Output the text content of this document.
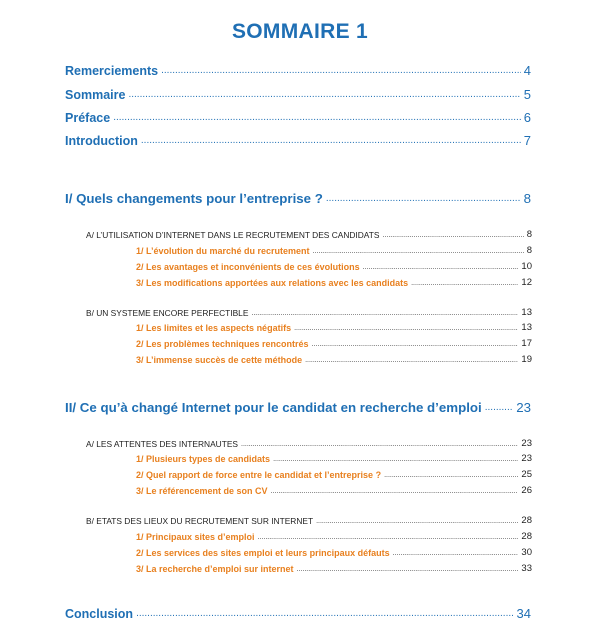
SOMMAIRE 1
Remerciements .....	4
Sommaire .....	5
Préface .....	6
Introduction .....	7
I/ Quels changements pour l’entreprise ? .....	8
A/ L’UTILISATION D’INTERNET DANS LE RECRUTEMENT DES CANDIDATS .....	8
1/ L’évolution du marché du recrutement .....	8
2/ Les avantages et inconvénients de ces évolutions .....	10
3/ Les modifications apportées aux relations avec les candidats .....	12
B/ UN SYSTEME ENCORE PERFECTIBLE .....	13
1/ Les limites et les aspects négatifs .....	13
2/ Les problèmes techniques rencontrés .....	17
3/ L’immense succès de cette méthode .....	19
II/ Ce qu’à changé Internet pour le candidat en recherche d’emploi .....	23
A/ LES ATTENTES DES INTERNAUTES .....	23
1/ Plusieurs types de candidats .....	23
2/ Quel rapport de force entre le candidat et l’entreprise ? .....	25
3/ Le référencement de son CV .....	26
B/ ETATS DES LIEUX DU RECRUTEMENT SUR INTERNET .....	28
1/ Principaux sites d’emploi .....	28
2/ Les services des sites emploi et leurs principaux défauts .....	30
3/ La recherche d’emploi sur internet .....	33
Conclusion .....	34
